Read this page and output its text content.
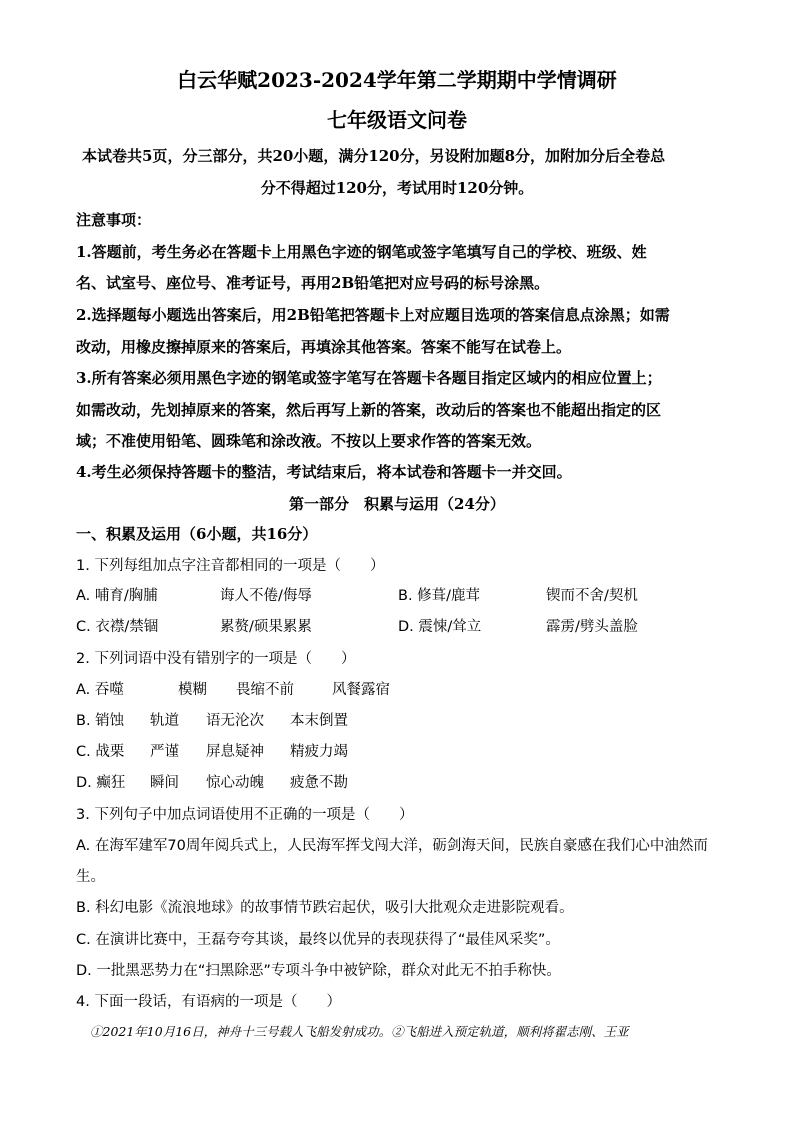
白云华赋2023-2024学年第二学期期中学情调研
七年级语文问卷
本试卷共5页，分三部分，共20小题，满分120分，另设附加题8分，加附加分后全卷总
分不得超过120分，考试用时120分钟。
注意事项：
1.答题前，考生务必在答题卡上用黑色字迹的钢笔或签字笔填写自己的学校、班级、姓
名、试室号、座位号、准考证号，再用2B铅笔把对应号码的标号涂黑。
2.选择题每小题选出答案后，用2B铅笔把答题卡上对应题目选项的答案信息点涂黑；如需
改动，用橡皮擦掉原来的答案后，再填涂其他答案。答案不能写在试卷上。
3.所有答案必须用黑色字迹的钢笔或签字笔写在答题卡各题目指定区域内的相应位置上；
如需改动，先划掉原来的答案，然后再写上新的答案，改动后的答案也不能超出指定的区
域；不准使用铅笔、圆珠笔和涂改液。不按以上要求作答的答案无效。
4.考生必须保持答题卡的整洁，考试结束后，将本试卷和答题卡一并交回。
第一部分　积累与运用（24分）
一、积累及运用（6小题，共16分）
1. 下列每组加点字注音都相同的一项是（　　）
A. 哺育/胸脯	诲人不倦/侮辱	B. 修葺/鹿茸	锲而不舍/契机
C. 衣襟/禁锢	累赘/硕果累累	D. 震悚/耸立	霹雳/劈头盖脸
2. 下列词语中没有错别字的一项是（　　）
A. 吞噬	模糊 畏缩不前	风餐露宿
B. 销蚀 轨道 语无沦次 本末倒置
C. 战栗 严谨 屏息疑神 精疲力竭
D. 癫狂 瞬间 惊心动魄 疲惫不勘
3. 下列句子中加点词语使用不正确的一项是（　　）
A. 在海军建军70周年阅兵式上，人民海军挥戈闯大洋，砺剑海天间，民族自豪感在我们心中油然而
生。
B. 科幻电影《流浪地球》的故事情节跌宕起伏，吸引大批观众走进影院观看。
C. 在演讲比赛中，王磊夸夸其谈，最终以优异的表现获得了“最佳风采奖”。
D. 一批黑恶势力在“扫黑除恶”专项斗争中被铲除，群众对此无不拍手称快。
4. 下面一段话，有语病的一项是（　　）
①2021年10月16日，神舟十三号载人飞船发射成功。②飞船进入预定轨道，顺利将翟志刚、王亚
